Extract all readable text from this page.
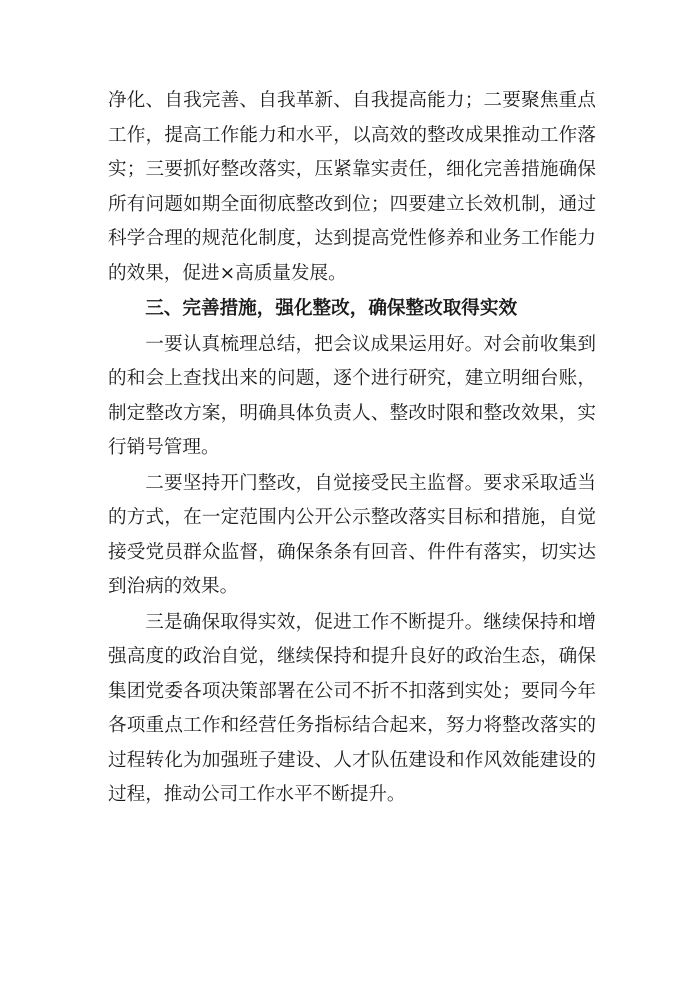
净化、自我完善、自我革新、自我提高能力；二要聚焦重点工作，提高工作能力和水平，以高效的整改成果推动工作落实；三要抓好整改落实，压紧靠实责任，细化完善措施确保所有问题如期全面彻底整改到位；四要建立长效机制，通过科学合理的规范化制度，达到提高党性修养和业务工作能力的效果，促进×高质量发展。

三、完善措施，强化整改，确保整改取得实效

一要认真梳理总结，把会议成果运用好。对会前收集到的和会上查找出来的问题，逐个进行研究，建立明细台账，制定整改方案，明确具体负责人、整改时限和整改效果，实行销号管理。

二要坚持开门整改，自觉接受民主监督。要求采取适当的方式，在一定范围内公开公示整改落实目标和措施，自觉接受党员群众监督，确保条条有回音、件件有落实，切实达到治病的效果。

三是确保取得实效，促进工作不断提升。继续保持和增强高度的政治自觉，继续保持和提升良好的政治生态，确保集团党委各项决策部署在公司不折不扣落到实处；要同今年各项重点工作和经营任务指标结合起来，努力将整改落实的过程转化为加强班子建设、人才队伍建设和作风效能建设的过程，推动公司工作水平不断提升。
